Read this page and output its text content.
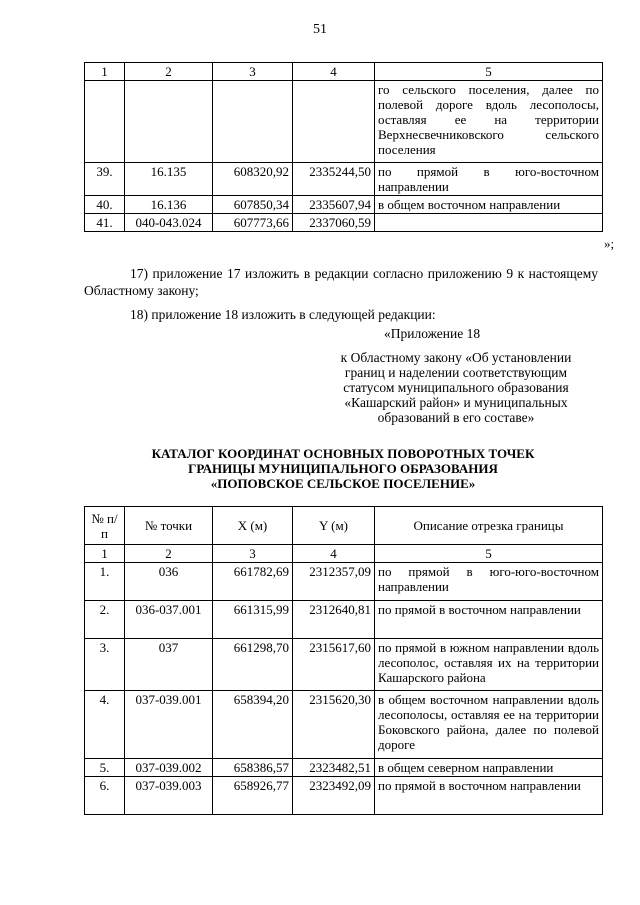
51
1	2	3	4	5
				го сельского поселения, далее по полевой дороге вдоль лесополосы, оставляя ее на территории Верхнесвечниковского сельского поселения
39.	16.135	608320,92	2335244,50	по прямой в юго-восточном направлении
40.	16.136	607850,34	2335607,94	в общем восточном направлении
41.	040-043.024	607773,66	2337060,59	
»;
17) приложение 17 изложить в редакции согласно приложению 9 к настоящему Областному закону;
18) приложение 18 изложить в следующей редакции:
«Приложение 18
к Областному закону «Об установлении
границ и наделении соответствующим
статусом муниципального образования
«Кашарский район» и муниципальных
образований в его составе»
КАТАЛОГ КООРДИНАТ ОСНОВНЫХ ПОВОРОТНЫХ ТОЧЕК
ГРАНИЦЫ МУНИЦИПАЛЬНОГО ОБРАЗОВАНИЯ
«ПОПОВСКОЕ СЕЛЬСКОЕ ПОСЕЛЕНИЕ»
№ п/п	№ точки	X (м)	Y (м)	Описание отрезка границы
1	2	3	4	5
1.	036	661782,69	2312357,09	по прямой в юго-юго-восточном направлении
2.	036-037.001	661315,99	2312640,81	по прямой в восточном направлении
3.	037	661298,70	2315617,60	по прямой в южном направлении вдоль лесополос, оставляя их на территории Кашарского района
4.	037-039.001	658394,20	2315620,30	в общем восточном направлении вдоль лесополосы, оставляя ее на территории Боковского района, далее по полевой дороге
5.	037-039.002	658386,57	2323482,51	в общем северном направлении
6.	037-039.003	658926,77	2323492,09	по прямой в восточном направлении
